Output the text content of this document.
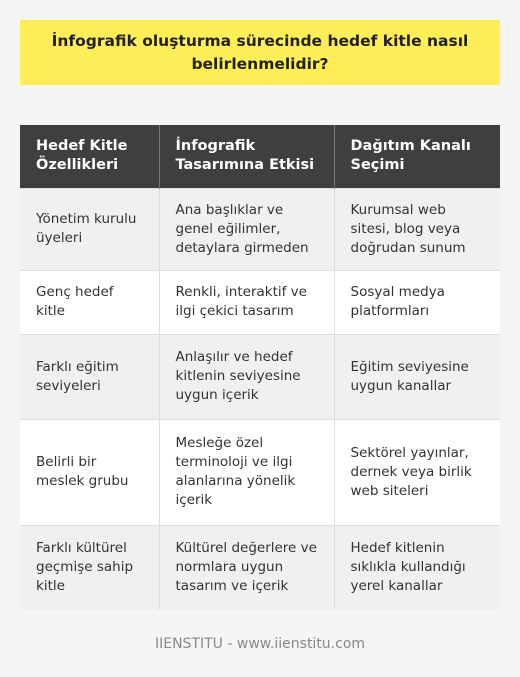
İnfografik oluşturma sürecinde hedef kitle nasıl belirlenmelidir?
Hedef Kitle Özellikleri	İnfografik Tasarımına Etkisi	Dağıtım Kanalı Seçimi
Yönetim kurulu üyeleri	Ana başlıklar ve genel eğilimler, detaylara girmeden	Kurumsal web sitesi, blog veya doğrudan sunum
Genç hedef kitle	Renkli, interaktif ve ilgi çekici tasarım	Sosyal medya platformları
Farklı eğitim seviyeleri	Anlaşılır ve hedef kitlenin seviyesine uygun içerik	Eğitim seviyesine uygun kanallar
Belirli bir meslek grubu	Mesleğe özel terminoloji ve ilgi alanlarına yönelik içerik	Sektörel yayınlar, dernek veya birlik web siteleri
Farklı kültürel geçmişe sahip kitle	Kültürel değerlere ve normlara uygun tasarım ve içerik	Hedef kitlenin sıklıkla kullandığı yerel kanallar
IIENSTITU - www.iienstitu.com
